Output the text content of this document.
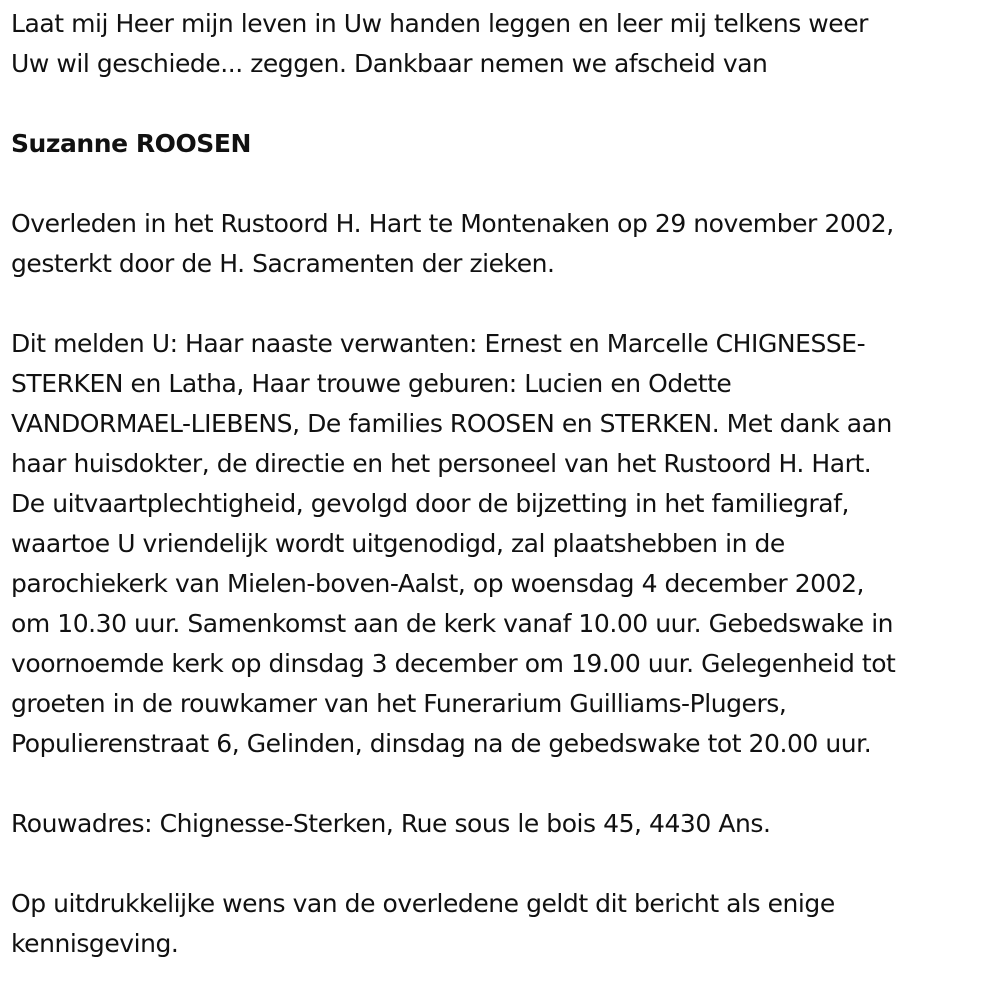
Laat mij Heer mijn leven in Uw handen leggen en leer mij telkens weer
Uw wil geschiede... zeggen. Dankbaar nemen we afscheid van

Suzanne ROOSEN

Overleden in het Rustoord H. Hart te Montenaken op 29 november 2002,
gesterkt door de H. Sacramenten der zieken.

Dit melden U: Haar naaste verwanten: Ernest en Marcelle CHIGNESSE-
STERKEN en Latha, Haar trouwe geburen: Lucien en Odette
VANDORMAEL-LIEBENS, De families ROOSEN en STERKEN. Met dank aan
haar huisdokter, de directie en het personeel van het Rustoord H. Hart.
De uitvaartplechtigheid, gevolgd door de bijzetting in het familiegraf,
waartoe U vriendelijk wordt uitgenodigd, zal plaatshebben in de
parochiekerk van Mielen-boven-Aalst, op woensdag 4 december 2002,
om 10.30 uur. Samenkomst aan de kerk vanaf 10.00 uur. Gebedswake in
voornoemde kerk op dinsdag 3 december om 19.00 uur. Gelegenheid tot
groeten in de rouwkamer van het Funerarium Guilliams-Plugers,
Populierenstraat 6, Gelinden, dinsdag na de gebedswake tot 20.00 uur.

Rouwadres: Chignesse-Sterken, Rue sous le bois 45, 4430 Ans.

Op uitdrukkelijke wens van de overledene geldt dit bericht als enige
kennisgeving.
